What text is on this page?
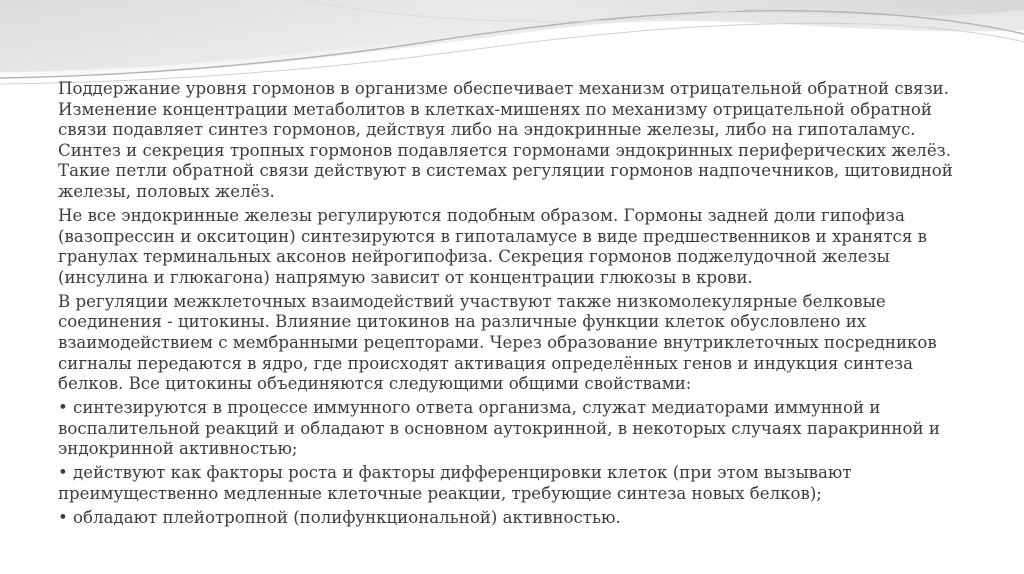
Поддержание уровня гормонов в организме обеспечивает механизм отрицательной обратной связи. Изменение концентрации метаболитов в клетках-мишенях по механизму отрицательной обратной связи подавляет синтез гормонов, действуя либо на эндокринные железы, либо на гипоталамус. Синтез и секреция тропных гормонов подавляется гормонами эндокринных периферических желёз. Такие петли обратной связи действуют в системах регуляции гормонов надпочечников, щитовидной железы, половых желёз.

Не все эндокринные железы регулируются подобным образом. Гормоны задней доли гипофиза (вазопрессин и окситоцин) синтезируются в гипоталамусе в виде предшественников и хранятся в гранулах терминальных аксонов нейрогипофиза. Секреция гормонов поджелудочной железы (инсулина и глюкагона) напрямую зависит от концентрации глюкозы в крови.

В регуляции межклеточных взаимодействий участвуют также низкомолекулярные белковые соединения - цитокины. Влияние цитокинов на различные функции клеток обусловлено их взаимодействием с мембранными рецепторами. Через образование внутриклеточных посредников сигналы передаются в ядро, где происходят активация определённых генов и индукция синтеза белков. Все цитокины объединяются следующими общими свойствами:

• синтезируются в процессе иммунного ответа организма, служат медиаторами иммунной и воспалительной реакций и обладают в основном аутокринной, в некоторых случаях паракринной и эндокринной активностью;

• действуют как факторы роста и факторы дифференцировки клеток (при этом вызывают преимущественно медленные клеточные реакции, требующие синтеза новых белков);

• обладают плейотропной (полифункциональной) активностью.
